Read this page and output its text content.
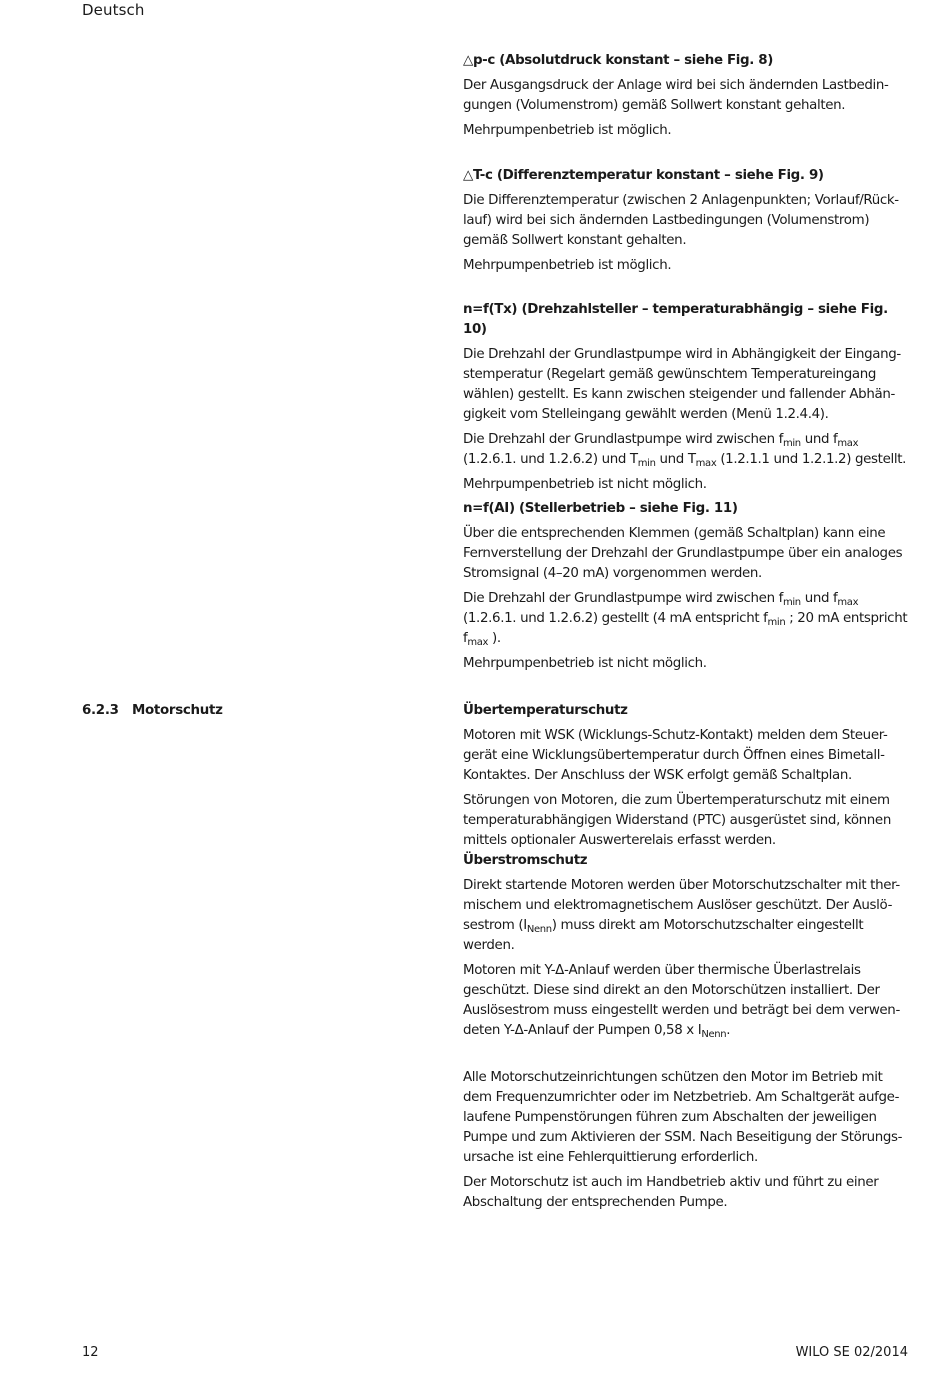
Deutsch

△p-c (Absolutdruck konstant – siehe Fig. 8)

Der Ausgangsdruck der Anlage wird bei sich ändernden Lastbedin-
gungen (Volumenstrom) gemäß Sollwert konstant gehalten.

Mehrpumpenbetrieb ist möglich.

△T-c (Differenztemperatur konstant – siehe Fig. 9)

Die Differenztemperatur (zwischen 2 Anlagenpunkten; Vorlauf/Rück-
lauf) wird bei sich ändernden Lastbedingungen (Volumenstrom)
gemäß Sollwert konstant gehalten.

Mehrpumpenbetrieb ist möglich.

n=f(Tx) (Drehzahlsteller – temperaturabhängig – siehe Fig. 10)

Die Drehzahl der Grundlastpumpe wird in Abhängigkeit der Eingang-
stemperatur (Regelart gemäß gewünschtem Temperatureingang
wählen) gestellt. Es kann zwischen steigender und fallender Abhän-
gigkeit vom Stelleingang gewählt werden (Menü 1.2.4.4).

Die Drehzahl der Grundlastpumpe wird zwischen $f_{min}$ und $f_{max}$
(1.2.6.1. und 1.2.6.2) und $T_{min}$ und $T_{max}$ (1.2.1.1 und 1.2.1.2) gestellt.

Mehrpumpenbetrieb ist nicht möglich.

n=f(AI) (Stellerbetrieb – siehe Fig. 11)

Über die entsprechenden Klemmen (gemäß Schaltplan) kann eine
Fernverstellung der Drehzahl der Grundlastpumpe über ein analoges
Stromsignal (4–20 mA) vorgenommen werden.

Die Drehzahl der Grundlastpumpe wird zwischen $f_{min}$ und $f_{max}$
(1.2.6.1. und 1.2.6.2) gestellt (4 mA entspricht $f_{min}$ ; 20 mA entspricht
$f_{max}$ ).

Mehrpumpenbetrieb ist nicht möglich.

6.2.3 Motorschutz	Übertemperaturschutz

Motoren mit WSK (Wicklungs-Schutz-Kontakt) melden dem Steuer-
gerät eine Wicklungsübertemperatur durch Öffnen eines Bimetall-
Kontaktes. Der Anschluss der WSK erfolgt gemäß Schaltplan.

Störungen von Motoren, die zum Übertemperaturschutz mit einem
temperaturabhängigen Widerstand (PTC) ausgerüstet sind, können
mittels optionaler Auswerterelais erfasst werden.

Überstromschutz

Direkt startende Motoren werden über Motorschutzschalter mit ther-
mischem und elektromagnetischem Auslöser geschützt. Der Auslö-
sestrom $(I_{Nenn})$ muss direkt am Motorschutzschalter eingestellt
werden.

Motoren mit Y-Δ-Anlauf werden über thermische Überlastrelais
geschützt. Diese sind direkt an den Motorschützen installiert. Der
Auslösestrom muss eingestellt werden und beträgt bei dem verwen-
deten Y-Δ-Anlauf der Pumpen 0,58 x $I_{Nenn}$.

Alle Motorschutzeinrichtungen schützen den Motor im Betrieb mit
dem Frequenzumrichter oder im Netzbetrieb. Am Schaltgerät aufge-
laufene Pumpenstörungen führen zum Abschalten der jeweiligen
Pumpe und zum Aktivieren der SSM. Nach Beseitigung der Störungs-
ursache ist eine Fehlerquittierung erforderlich.

Der Motorschutz ist auch im Handbetrieb aktiv und führt zu einer
Abschaltung der entsprechenden Pumpe.

12	WILO SE 02/2014
